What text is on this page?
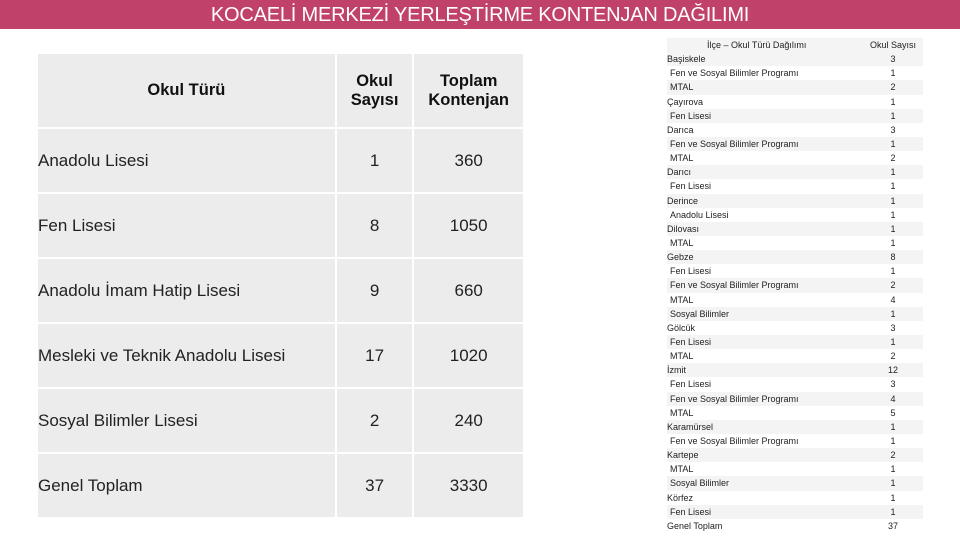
KOCAELİ MERKEZİ YERLEŞTİRME KONTENJAN DAĞILIMI
Okul Türü	Okul Sayısı	Toplam Kontenjan
Anadolu Lisesi	1	360
Fen Lisesi	8	1050
Anadolu İmam Hatip Lisesi	9	660
Mesleki ve Teknik Anadolu Lisesi	17	1020
Sosyal Bilimler Lisesi	2	240
Genel Toplam	37	3330
İlçe – Okul Türü Dağılımı	Okul Sayısı
Başiskele	3
Fen ve Sosyal Bilimler Programı	1
MTAL	2
Çayırova	1
Fen Lisesi	1
Darıca	3
Fen ve Sosyal Bilimler Programı	1
MTAL	2
Darıcı	1
Fen Lisesi	1
Derince	1
Anadolu Lisesi	1
Dilovası	1
MTAL	1
Gebze	8
Fen Lisesi	1
Fen ve Sosyal Bilimler Programı	2
MTAL	4
Sosyal Bilimler	1
Gölcük	3
Fen Lisesi	1
MTAL	2
İzmit	12
Fen Lisesi	3
Fen ve Sosyal Bilimler Programı	4
MTAL	5
Karamürsel	1
Fen ve Sosyal Bilimler Programı	1
Kartepe	2
MTAL	1
Sosyal Bilimler	1
Körfez	1
Fen Lisesi	1
Genel Toplam	37
